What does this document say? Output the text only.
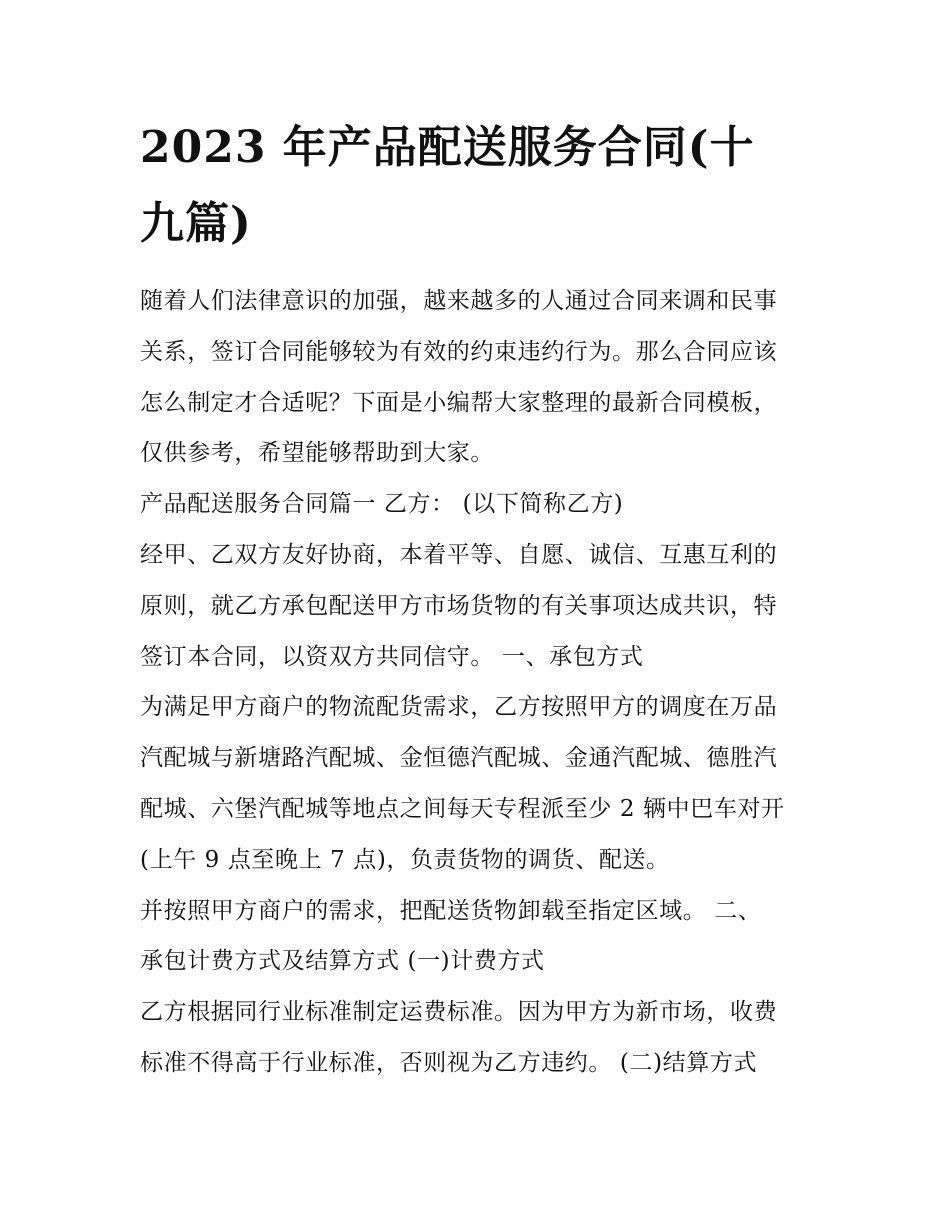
2023 年产品配送服务合同(十
九篇)
随着人们法律意识的加强，越来越多的人通过合同来调和民事
关系，签订合同能够较为有效的约束违约行为。那么合同应该
怎么制定才合适呢？下面是小编帮大家整理的最新合同模板，
仅供参考，希望能够帮助到大家。
产品配送服务合同篇一 乙方： (以下简称乙方)
经甲、乙双方友好协商，本着平等、自愿、诚信、互惠互利的
原则，就乙方承包配送甲方市场货物的有关事项达成共识，特
签订本合同，以资双方共同信守。 一、承包方式
为满足甲方商户的物流配货需求，乙方按照甲方的调度在万品
汽配城与新塘路汽配城、金恒德汽配城、金通汽配城、德胜汽
配城、六堡汽配城等地点之间每天专程派至少 2 辆中巴车对开
(上午 9 点至晚上 7 点)，负责货物的调货、配送。
并按照甲方商户的需求，把配送货物卸载至指定区域。 二、
承包计费方式及结算方式 (一)计费方式
乙方根据同行业标准制定运费标准。因为甲方为新市场，收费
标准不得高于行业标准，否则视为乙方违约。 (二)结算方式
